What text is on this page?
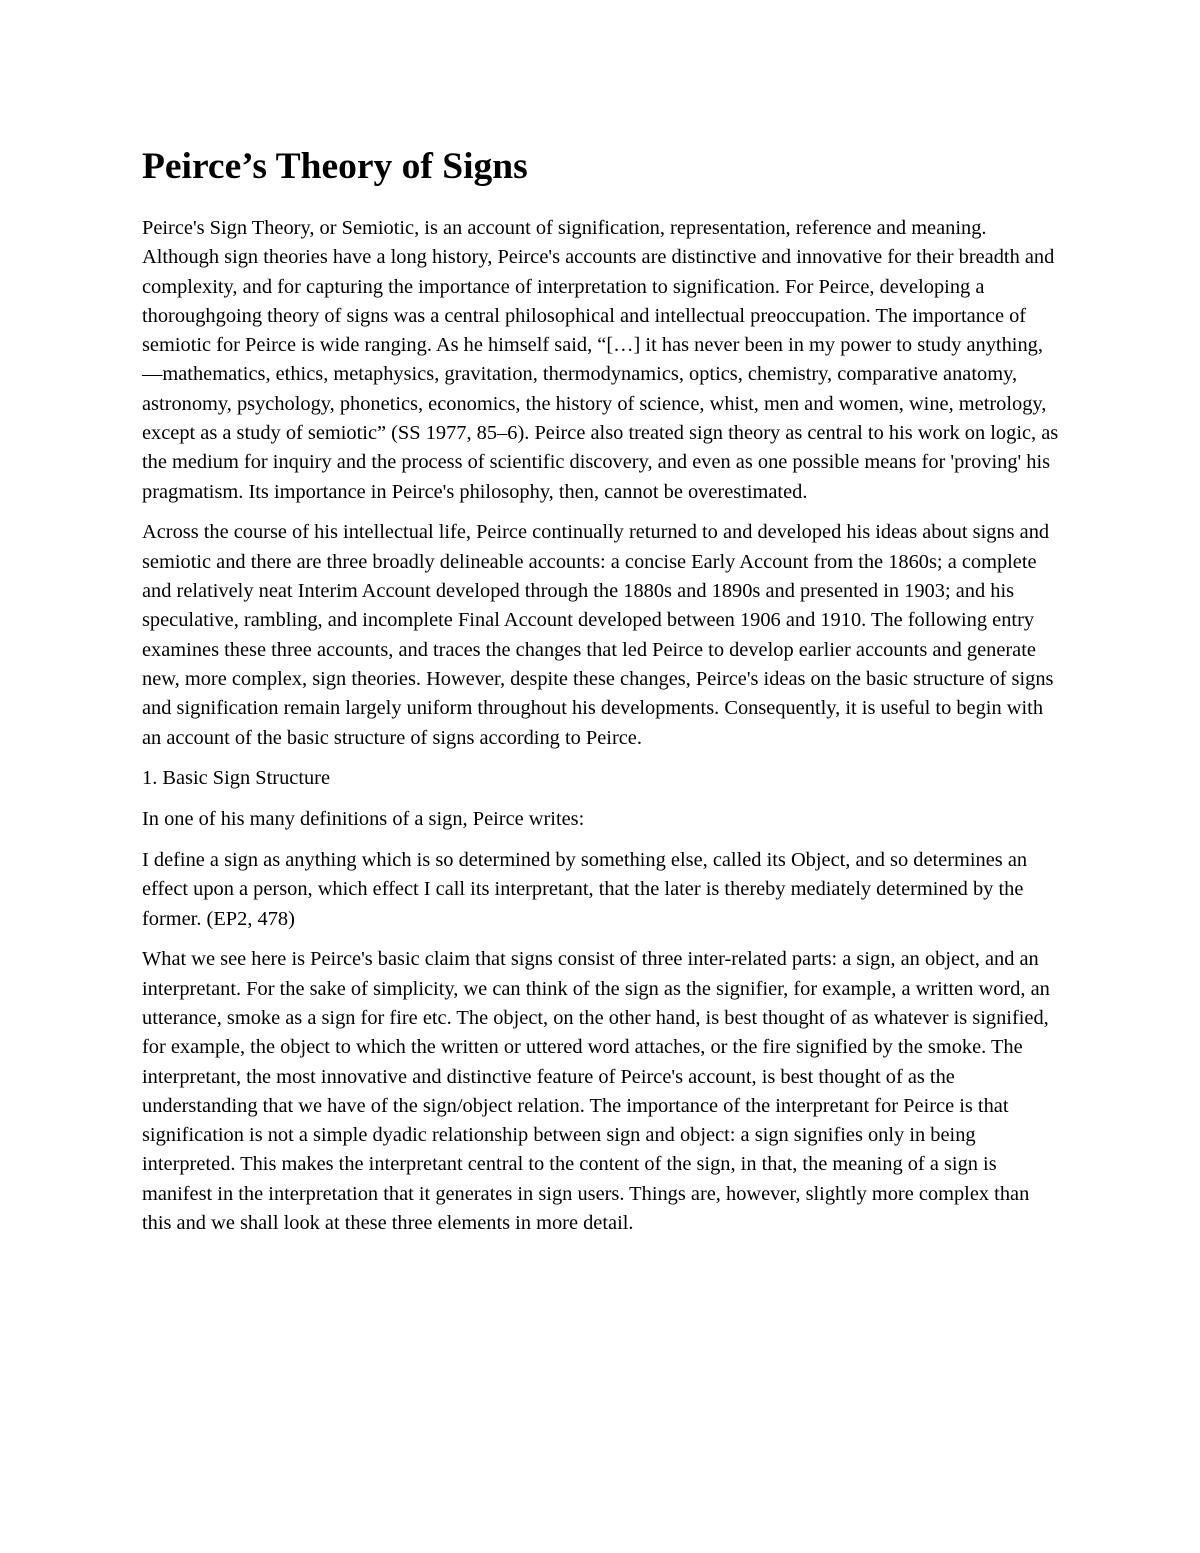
Peirce’s Theory of Signs

Peirce's Sign Theory, or Semiotic, is an account of signification, representation, reference and meaning. Although sign theories have a long history, Peirce's accounts are distinctive and innovative for their breadth and complexity, and for capturing the importance of interpretation to signification. For Peirce, developing a thoroughgoing theory of signs was a central philosophical and intellectual preoccupation. The importance of semiotic for Peirce is wide ranging. As he himself said, “[…] it has never been in my power to study anything,—mathematics, ethics, metaphysics, gravitation, thermodynamics, optics, chemistry, comparative anatomy, astronomy, psychology, phonetics, economics, the history of science, whist, men and women, wine, metrology, except as a study of semiotic” (SS 1977, 85–6). Peirce also treated sign theory as central to his work on logic, as the medium for inquiry and the process of scientific discovery, and even as one possible means for 'proving' his pragmatism. Its importance in Peirce's philosophy, then, cannot be overestimated.

Across the course of his intellectual life, Peirce continually returned to and developed his ideas about signs and semiotic and there are three broadly delineable accounts: a concise Early Account from the 1860s; a complete and relatively neat Interim Account developed through the 1880s and 1890s and presented in 1903; and his speculative, rambling, and incomplete Final Account developed between 1906 and 1910. The following entry examines these three accounts, and traces the changes that led Peirce to develop earlier accounts and generate new, more complex, sign theories. However, despite these changes, Peirce's ideas on the basic structure of signs and signification remain largely uniform throughout his developments. Consequently, it is useful to begin with an account of the basic structure of signs according to Peirce.

1. Basic Sign Structure

In one of his many definitions of a sign, Peirce writes:

I define a sign as anything which is so determined by something else, called its Object, and so determines an effect upon a person, which effect I call its interpretant, that the later is thereby mediately determined by the former. (EP2, 478)

What we see here is Peirce's basic claim that signs consist of three inter-related parts: a sign, an object, and an interpretant. For the sake of simplicity, we can think of the sign as the signifier, for example, a written word, an utterance, smoke as a sign for fire etc. The object, on the other hand, is best thought of as whatever is signified, for example, the object to which the written or uttered word attaches, or the fire signified by the smoke. The interpretant, the most innovative and distinctive feature of Peirce's account, is best thought of as the understanding that we have of the sign/object relation. The importance of the interpretant for Peirce is that signification is not a simple dyadic relationship between sign and object: a sign signifies only in being interpreted. This makes the interpretant central to the content of the sign, in that, the meaning of a sign is manifest in the interpretation that it generates in sign users. Things are, however, slightly more complex than this and we shall look at these three elements in more detail.
